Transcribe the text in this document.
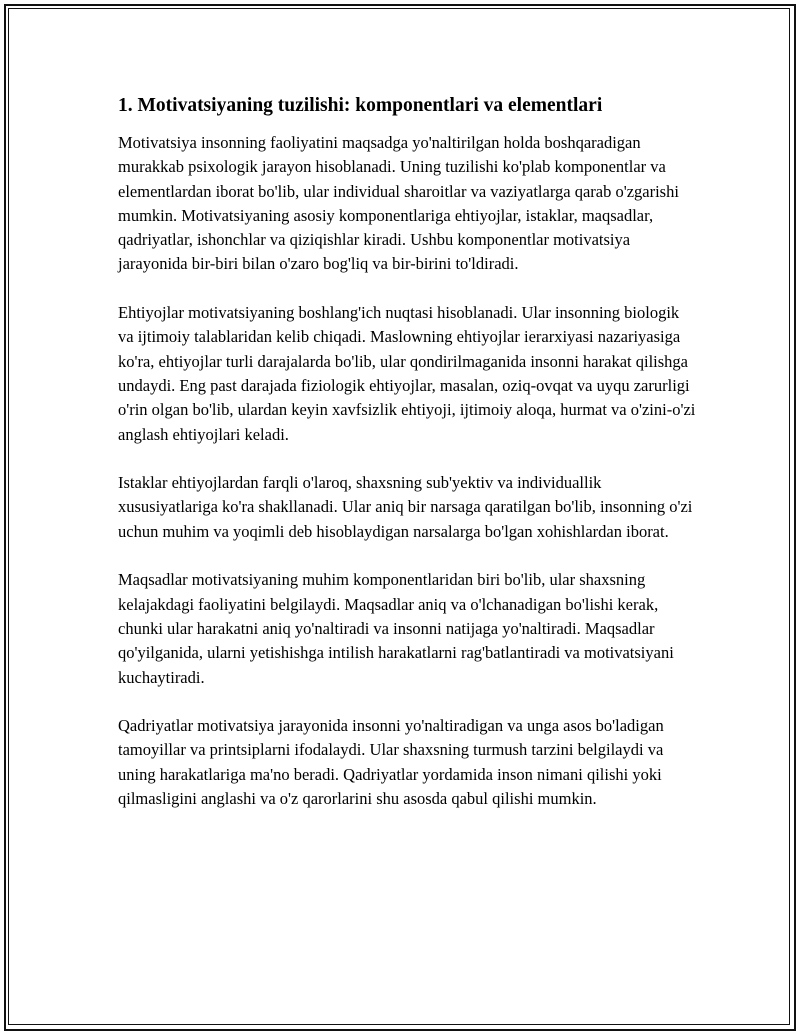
1. Motivatsiyaning tuzilishi: komponentlari va elementlari

Motivatsiya insonning faoliyatini maqsadga yo'naltirilgan holda boshqaradigan murakkab psixologik jarayon hisoblanadi. Uning tuzilishi ko'plab komponentlar va elementlardan iborat bo'lib, ular individual sharoitlar va vaziyatlarga qarab o'zgarishi mumkin. Motivatsiyaning asosiy komponentlariga ehtiyojlar, istaklar, maqsadlar, qadriyatlar, ishonchlar va qiziqishlar kiradi. Ushbu komponentlar motivatsiya jarayonida bir-biri bilan o'zaro bog'liq va bir-birini to'ldiradi.

Ehtiyojlar motivatsiyaning boshlang'ich nuqtasi hisoblanadi. Ular insonning biologik va ijtimoiy talablaridan kelib chiqadi. Maslowning ehtiyojlar ierarxiyasi nazariyasiga ko'ra, ehtiyojlar turli darajalarda bo'lib, ular qondirilmaganida insonni harakat qilishga undaydi. Eng past darajada fiziologik ehtiyojlar, masalan, oziq-ovqat va uyqu zarurligi o'rin olgan bo'lib, ulardan keyin xavfsizlik ehtiyoji, ijtimoiy aloqa, hurmat va o'zini-o'zi anglash ehtiyojlari keladi.

Istaklar ehtiyojlardan farqli o'laroq, shaxsning sub'yektiv va individuallik xususiyatlariga ko'ra shakllanadi. Ular aniq bir narsaga qaratilgan bo'lib, insonning o'zi uchun muhim va yoqimli deb hisoblaydigan narsalarga bo'lgan xohishlardan iborat.

Maqsadlar motivatsiyaning muhim komponentlaridan biri bo'lib, ular shaxsning kelajakdagi faoliyatini belgilaydi. Maqsadlar aniq va o'lchanadigan bo'lishi kerak, chunki ular harakatni aniq yo'naltiradi va insonni natijaga yo'naltiradi. Maqsadlar qo'yilganida, ularni yetishishga intilish harakatlarni rag'batlantiradi va motivatsiyani kuchaytiradi.

Qadriyatlar motivatsiya jarayonida insonni yo'naltiradigan va unga asos bo'ladigan tamoyillar va printsiplarni ifodalaydi. Ular shaxsning turmush tarzini belgilaydi va uning harakatlariga ma'no beradi. Qadriyatlar yordamida inson nimani qilishi yoki qilmasligini anglashi va o'z qarorlarini shu asosda qabul qilishi mumkin.
